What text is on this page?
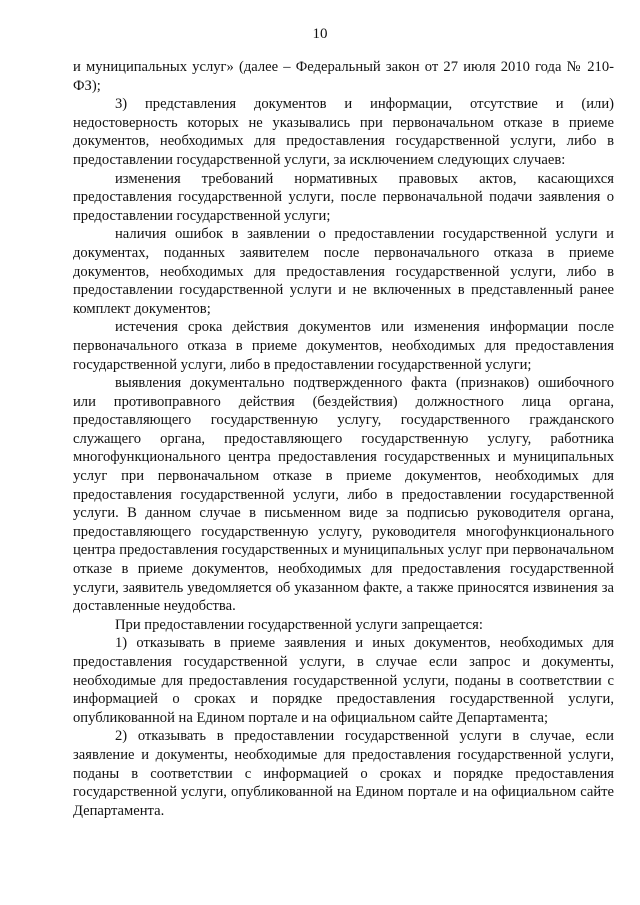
10

и муниципальных услуг» (далее – Федеральный закон от 27 июля 2010 года № 210-ФЗ);

3) представления документов и информации, отсутствие и (или) недостоверность которых не указывались при первоначальном отказе в приеме документов, необходимых для предоставления государственной услуги, либо в предоставлении государственной услуги, за исключением следующих случаев:

изменения требований нормативных правовых актов, касающихся предоставления государственной услуги, после первоначальной подачи заявления о предоставлении государственной услуги;

наличия ошибок в заявлении о предоставлении государственной услуги и документах, поданных заявителем после первоначального отказа в приеме документов, необходимых для предоставления государственной услуги, либо в предоставлении государственной услуги и не включенных в представленный ранее комплект документов;

истечения срока действия документов или изменения информации после первоначального отказа в приеме документов, необходимых для предоставления государственной услуги, либо в предоставлении государственной услуги;

выявления документально подтвержденного факта (признаков) ошибочного или противоправного действия (бездействия) должностного лица органа, предоставляющего государственную услугу, государственного гражданского служащего органа, предоставляющего государственную услугу, работника многофункционального центра предоставления государственных и муниципальных услуг при первоначальном отказе в приеме документов, необходимых для предоставления государственной услуги, либо в предоставлении государственной услуги. В данном случае в письменном виде за подписью руководителя органа, предоставляющего государственную услугу, руководителя многофункционального центра предоставления государственных и муниципальных услуг при первоначальном отказе в приеме документов, необходимых для предоставления государственной услуги, заявитель уведомляется об указанном факте, а также приносятся извинения за доставленные неудобства.

При предоставлении государственной услуги запрещается:

1) отказывать в приеме заявления и иных документов, необходимых для предоставления государственной услуги, в случае если запрос и документы, необходимые для предоставления государственной услуги, поданы в соответствии с информацией о сроках и порядке предоставления государственной услуги, опубликованной на Едином портале и на официальном сайте Департамента;

2) отказывать в предоставлении государственной услуги в случае, если заявление и документы, необходимые для предоставления государственной услуги, поданы в соответствии с информацией о сроках и порядке предоставления государственной услуги, опубликованной на Едином портале и на официальном сайте Департамента.
